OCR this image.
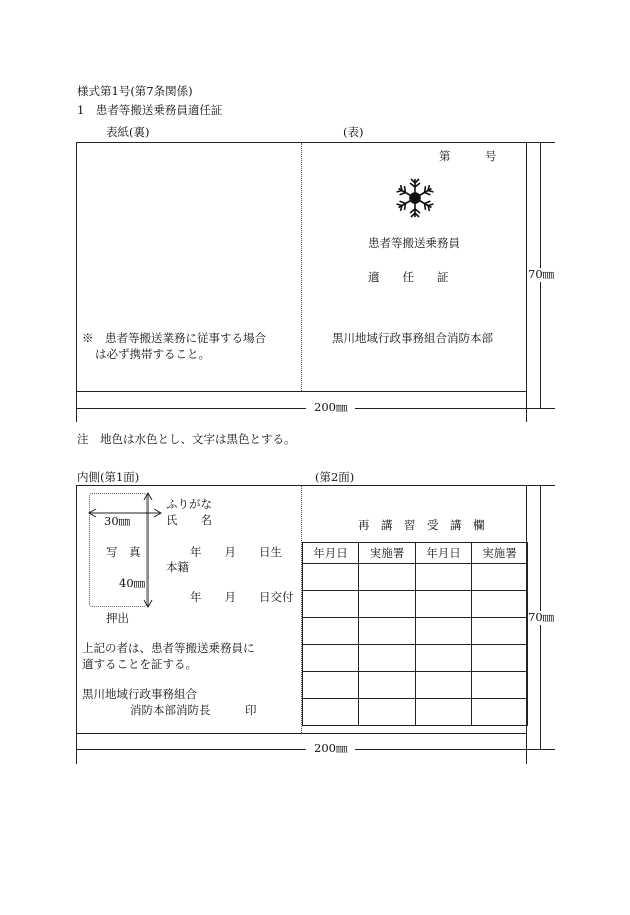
様式第1号(第7条関係)
1　患者等搬送乗務員適任証
表紙(裏)	(表)
第　　　号
患者等搬送乗務員
適　　任　　証
※　患者等搬送業務に従事する場合
は必ず携帯すること。
黒川地域行政事務組合消防本部
70㎜
200㎜
注　地色は水色とし、文字は黒色とする。
内側(第1面)	(第2面)
30㎜
写　真
40㎜
押出
ふりがな
氏　　名
年　　月　　日生
本籍
年　　月　　日交付
上記の者は、患者等搬送乗務員に
適することを証する。
黒川地域行政事務組合
消防本部消防長　　　印
再　講　習　受　講　欄
年月日	実施署	年月日	実施署

70㎜
200㎜
